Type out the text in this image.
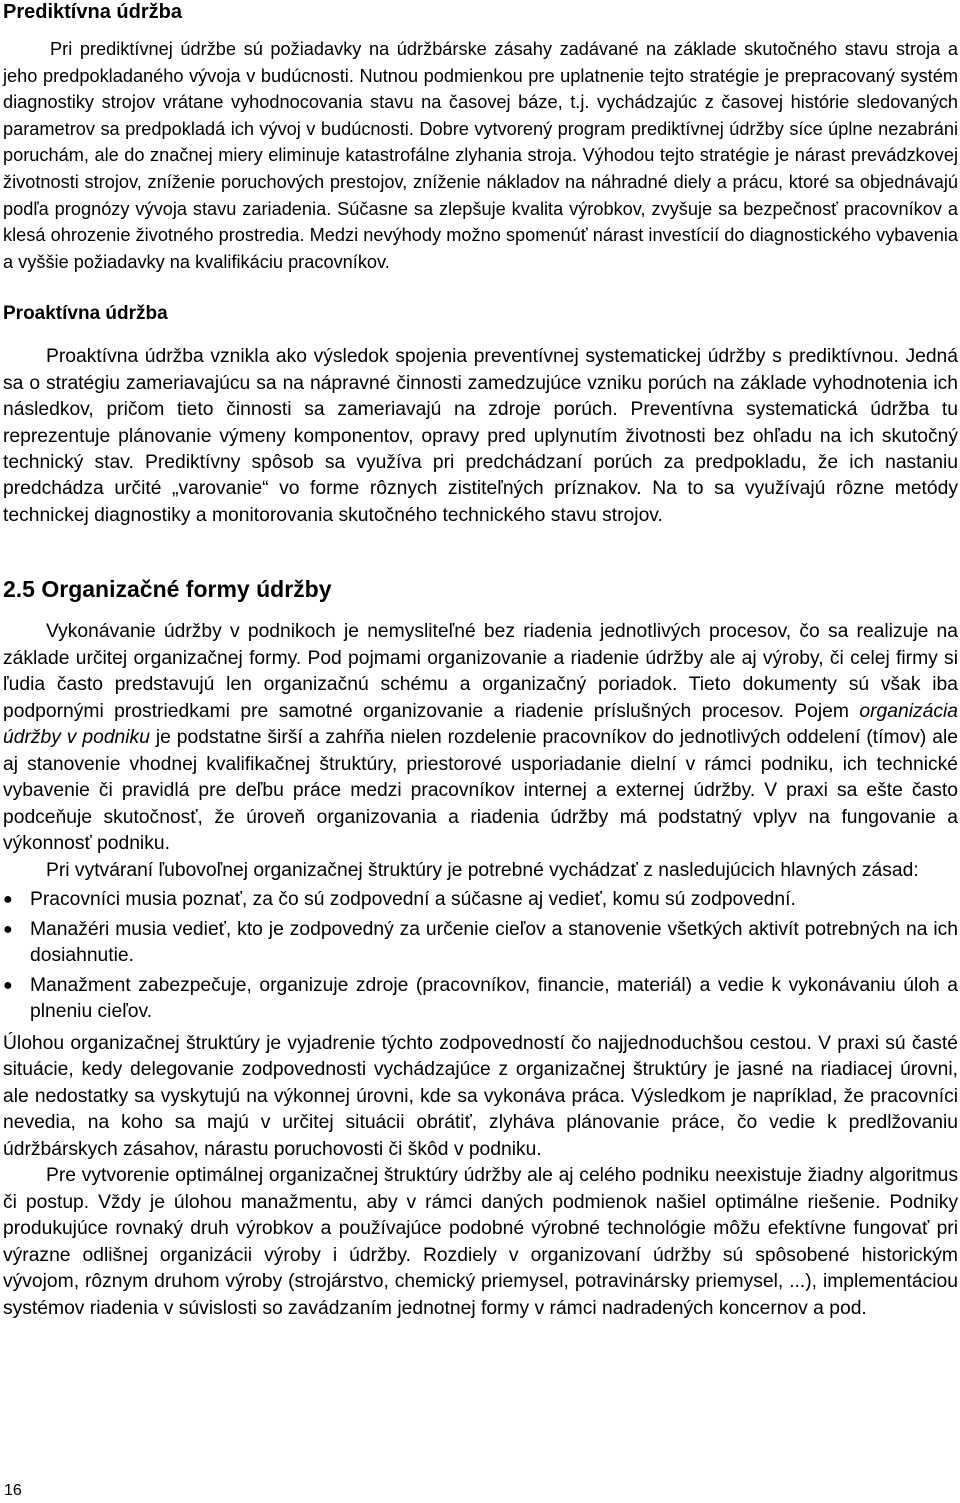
Prediktívna údržba

Pri prediktívnej údržbe sú požiadavky na údržbárske zásahy zadávané na základe skutočného stavu stroja a jeho predpokladaného vývoja v budúcnosti. Nutnou podmienkou pre uplatnenie tejto stratégie je prepracovaný systém diagnostiky strojov vrátane vyhodnocovania stavu na časovej báze, t.j. vychádzajúc z časovej histórie sledovaných parametrov sa predpokladá ich vývoj v budúcnosti. Dobre vytvorený program prediktívnej údržby síce úplne nezabráni poruchám, ale do značnej miery eliminuje katastrofálne zlyhania stroja. Výhodou tejto stratégie je nárast prevádzkovej životnosti strojov, zníženie poruchových prestojov, zníženie nákladov na náhradné diely a prácu, ktoré sa objednávajú podľa prognózy vývoja stavu zariadenia. Súčasne sa zlepšuje kvalita výrobkov, zvyšuje sa bezpečnosť pracovníkov a klesá ohrozenie životného prostredia. Medzi nevýhody možno spomenúť nárast investícií do diagnostického vybavenia a vyššie požiadavky na kvalifikáciu pracovníkov.

Proaktívna údržba

Proaktívna údržba vznikla ako výsledok spojenia preventívnej systematickej údržby s prediktívnou. Jedná sa o stratégiu zameriavajúcu sa na nápravné činnosti zamedzujúce vzniku porúch na základe vyhodnotenia ich následkov, pričom tieto činnosti sa zameriavajú na zdroje porúch. Preventívna systematická údržba tu reprezentuje plánovanie výmeny komponentov, opravy pred uplynutím životnosti bez ohľadu na ich skutočný technický stav. Prediktívny spôsob sa využíva pri predchádzaní porúch za predpokladu, že ich nastaniu predchádza určité „varovanie“ vo forme rôznych zistiteľných príznakov. Na to sa využívajú rôzne metódy technickej diagnostiky a monitorovania skutočného technického stavu strojov.

2.5 Organizačné formy údržby

Vykonávanie údržby v podnikoch je nemysliteľné bez riadenia jednotlivých procesov, čo sa realizuje na základe určitej organizačnej formy. Pod pojmami organizovanie a riadenie údržby ale aj výroby, či celej firmy si ľudia často predstavujú len organizačnú schému a organizačný poriadok. Tieto dokumenty sú však iba podpornými prostriedkami pre samotné organizovanie a riadenie príslušných procesov. Pojem organizácia údržby v podniku je podstatne širší a zahŕňa nielen rozdelenie pracovníkov do jednotlivých oddelení (tímov) ale aj stanovenie vhodnej kvalifikačnej štruktúry, priestorové usporiadanie dielní v rámci podniku, ich technické vybavenie či pravidlá pre deľbu práce medzi pracovníkov internej a externej údržby. V praxi sa ešte často podceňuje skutočnosť, že úroveň organizovania a riadenia údržby má podstatný vplyv na fungovanie a výkonnosť podniku.

Pri vytváraní ľubovoľnej organizačnej štruktúry je potrebné vychádzať z nasledujúcich hlavných zásad:

● Pracovníci musia poznať, za čo sú zodpovední a súčasne aj vedieť, komu sú zodpovední.
● Manažéri musia vedieť, kto je zodpovedný za určenie cieľov a stanovenie všetkých aktivít potrebných na ich dosiahnutie.
● Manažment zabezpečuje, organizuje zdroje (pracovníkov, financie, materiál) a vedie k vykonávaniu úloh a plneniu cieľov.

Úlohou organizačnej štruktúry je vyjadrenie týchto zodpovedností čo najjednoduchšou cestou. V praxi sú časté situácie, kedy delegovanie zodpovednosti vychádzajúce z organizačnej štruktúry je jasné na riadiacej úrovni, ale nedostatky sa vyskytujú na výkonnej úrovni, kde sa vykonáva práca. Výsledkom je napríklad, že pracovníci nevedia, na koho sa majú v určitej situácii obrátiť, zlyháva plánovanie práce, čo vedie k predlžovaniu údržbárskych zásahov, nárastu poruchovosti či škôd v podniku.

Pre vytvorenie optimálnej organizačnej štruktúry údržby ale aj celého podniku neexistuje žiadny algoritmus či postup. Vždy je úlohou manažmentu, aby v rámci daných podmienok našiel optimálne riešenie. Podniky produkujúce rovnaký druh výrobkov a používajúce podobné výrobné technológie môžu efektívne fungovať pri výrazne odlišnej organizácii výroby i údržby. Rozdiely v organizovaní údržby sú spôsobené historickým vývojom, rôznym druhom výroby (strojárstvo, chemický priemysel, potravinársky priemysel, ...), implementáciou systémov riadenia v súvislosti so zavádzaním jednotnej formy v rámci nadradených koncernov a pod.

16
